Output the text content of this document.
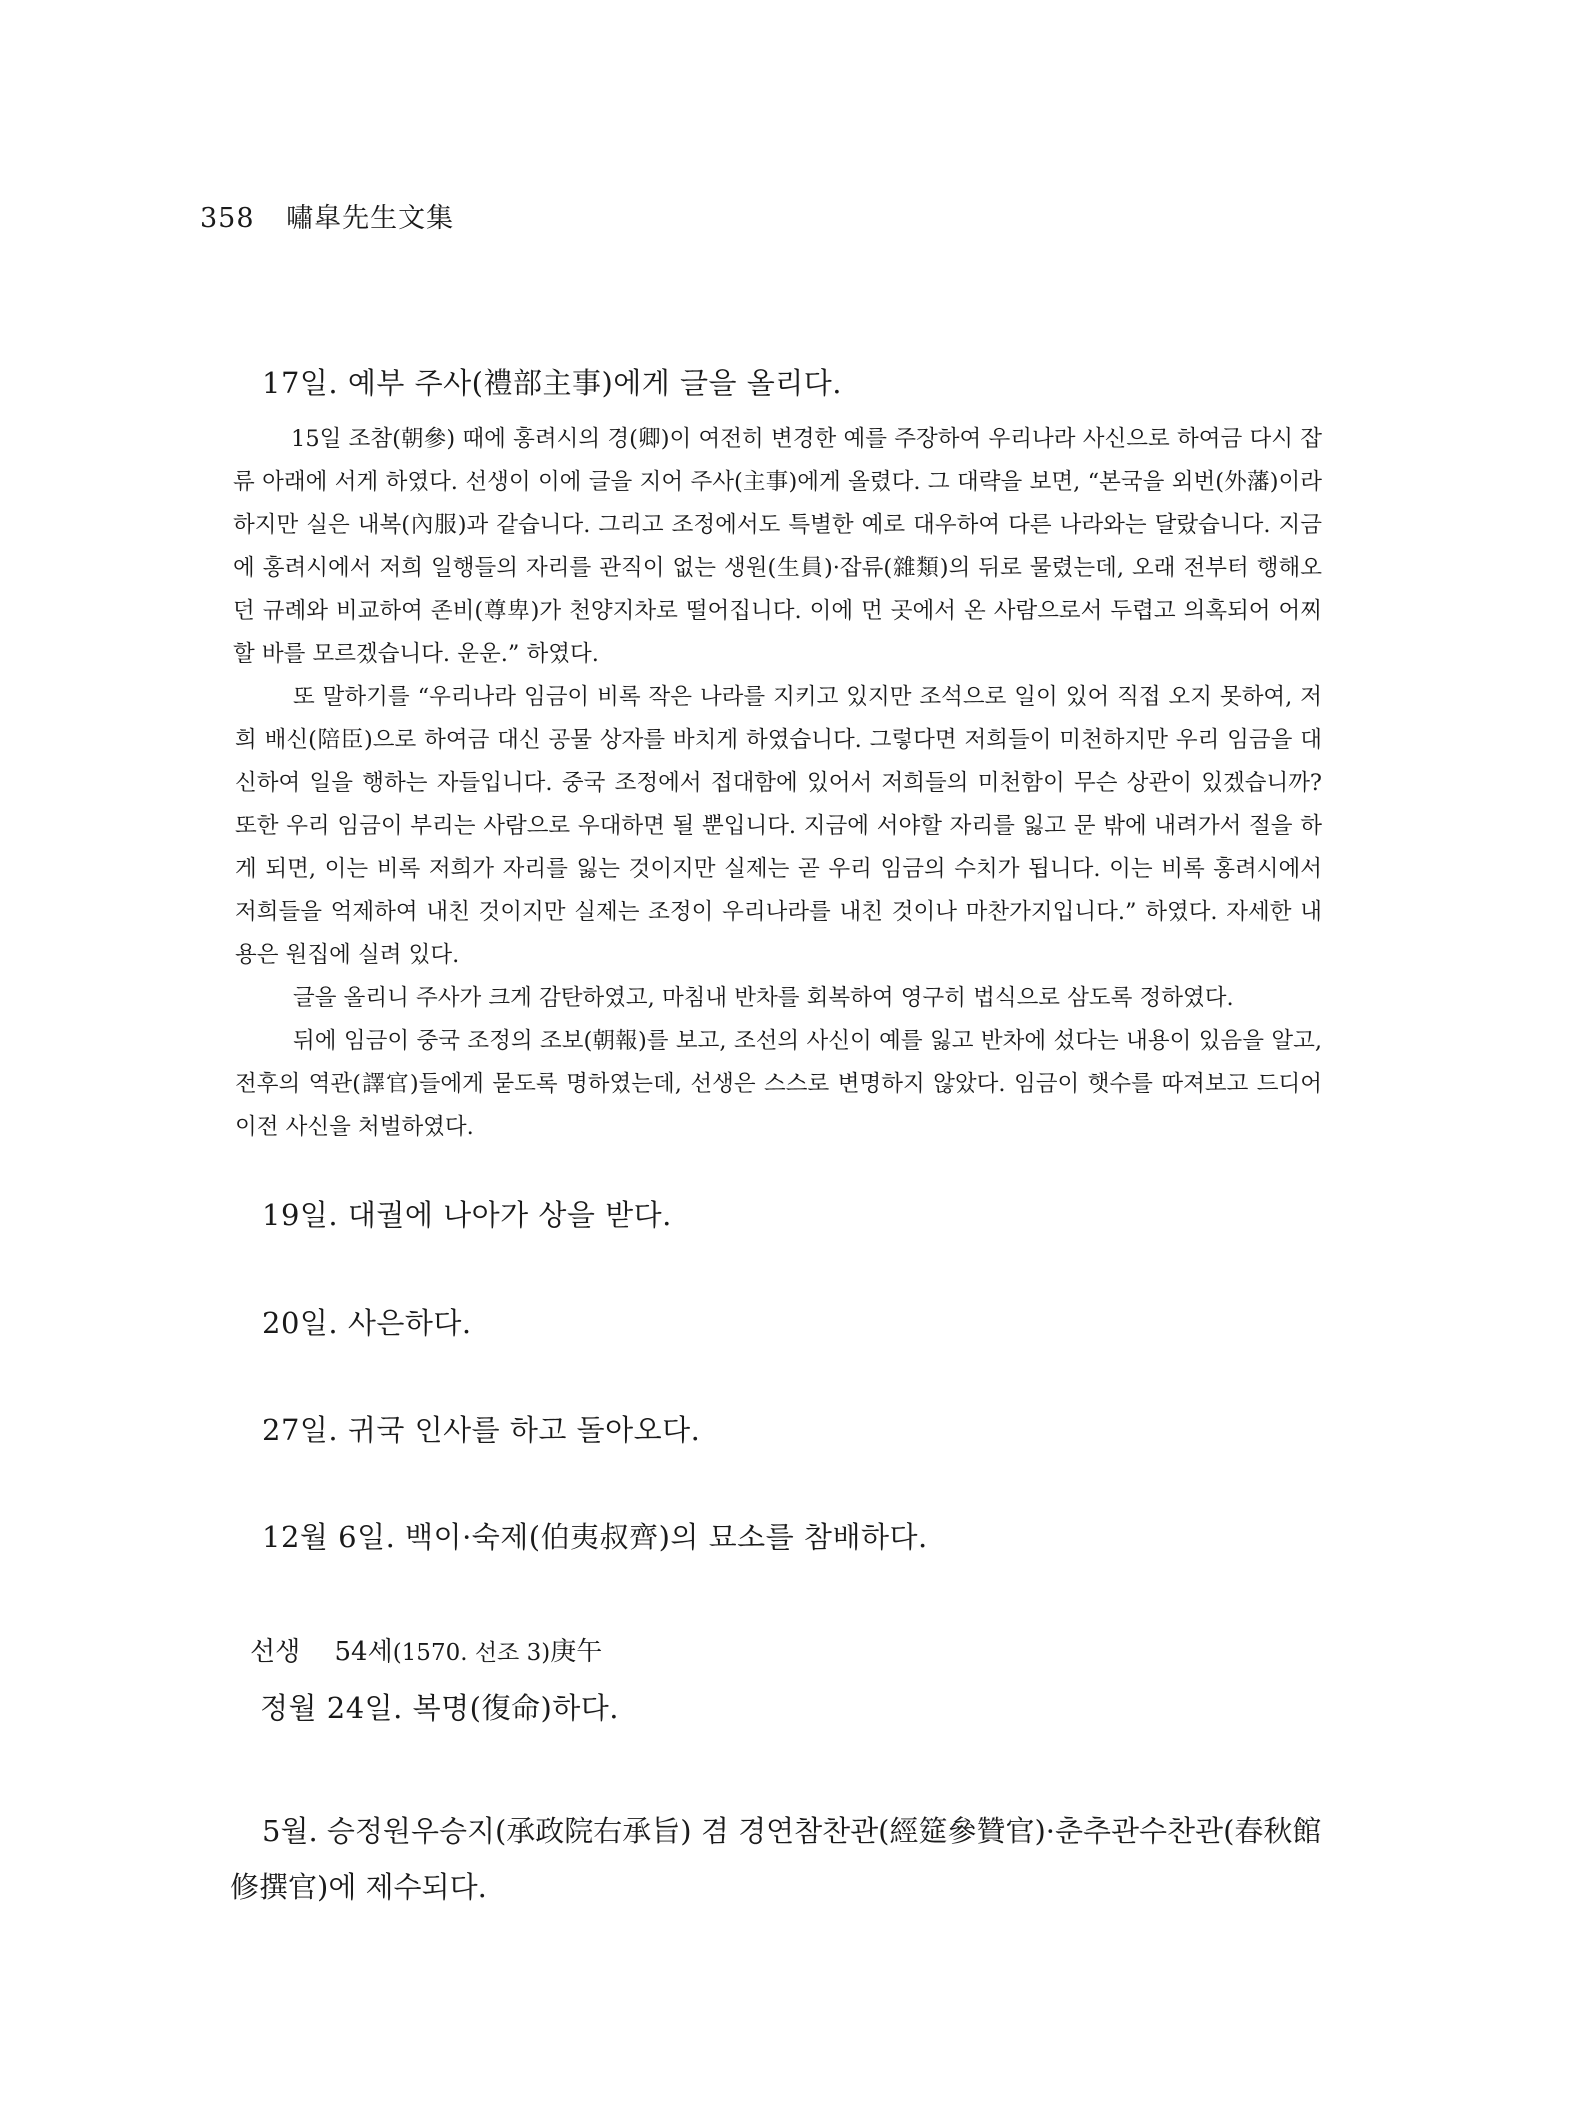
358 嘯皐先生文集
17일. 예부 주사(禮部主事)에게 글을 올리다.
15일 조참(朝參) 때에 홍려시의 경(卿)이 여전히 변경한 예를 주장하여 우리나라 사신으로 하여금 다시 잡류 아래에 서게 하였다. 선생이 이에 글을 지어 주사(主事)에게 올렸다. 그 대략을 보면, “본국을 외번(外藩)이라 하지만 실은 내복(內服)과 같습니다. 그리고 조정에서도 특별한 예로 대우하여 다른 나라와는 달랐습니다. 지금에 홍려시에서 저희 일행들의 자리를 관직이 없는 생원(生員)·잡류(雜類)의 뒤로 물렸는데, 오래 전부터 행해오던 규례와 비교하여 존비(尊卑)가 천양지차로 떨어집니다. 이에 먼 곳에서 온 사람으로서 두렵고 의혹되어 어찌할 바를 모르겠습니다. 운운.” 하였다.
또 말하기를 “우리나라 임금이 비록 작은 나라를 지키고 있지만 조석으로 일이 있어 직접 오지 못하여, 저희 배신(陪臣)으로 하여금 대신 공물 상자를 바치게 하였습니다. 그렇다면 저희들이 미천하지만 우리 임금을 대신하여 일을 행하는 자들입니다. 중국 조정에서 접대함에 있어서 저희들의 미천함이 무슨 상관이 있겠습니까? 또한 우리 임금이 부리는 사람으로 우대하면 될 뿐입니다. 지금에 서야할 자리를 잃고 문 밖에 내려가서 절을 하게 되면, 이는 비록 저희가 자리를 잃는 것이지만 실제는 곧 우리 임금의 수치가 됩니다. 이는 비록 홍려시에서 저희들을 억제하여 내친 것이지만 실제는 조정이 우리나라를 내친 것이나 마찬가지입니다.” 하였다. 자세한 내용은 원집에 실려 있다.
글을 올리니 주사가 크게 감탄하였고, 마침내 반차를 회복하여 영구히 법식으로 삼도록 정하였다.
뒤에 임금이 중국 조정의 조보(朝報)를 보고, 조선의 사신이 예를 잃고 반차에 섰다는 내용이 있음을 알고, 전후의 역관(譯官)들에게 묻도록 명하였는데, 선생은 스스로 변명하지 않았다. 임금이 햇수를 따져보고 드디어 이전 사신을 처벌하였다.
19일. 대궐에 나아가 상을 받다.
20일. 사은하다.
27일. 귀국 인사를 하고 돌아오다.
12월 6일. 백이·숙제(伯夷叔齊)의 묘소를 참배하다.
선생 54세(1570. 선조 3)庚午
정월 24일. 복명(復命)하다.
5월. 승정원우승지(承政院右承旨) 겸 경연참찬관(經筵參贊官)·춘추관수찬관(春秋館修撰官)에 제수되다.
